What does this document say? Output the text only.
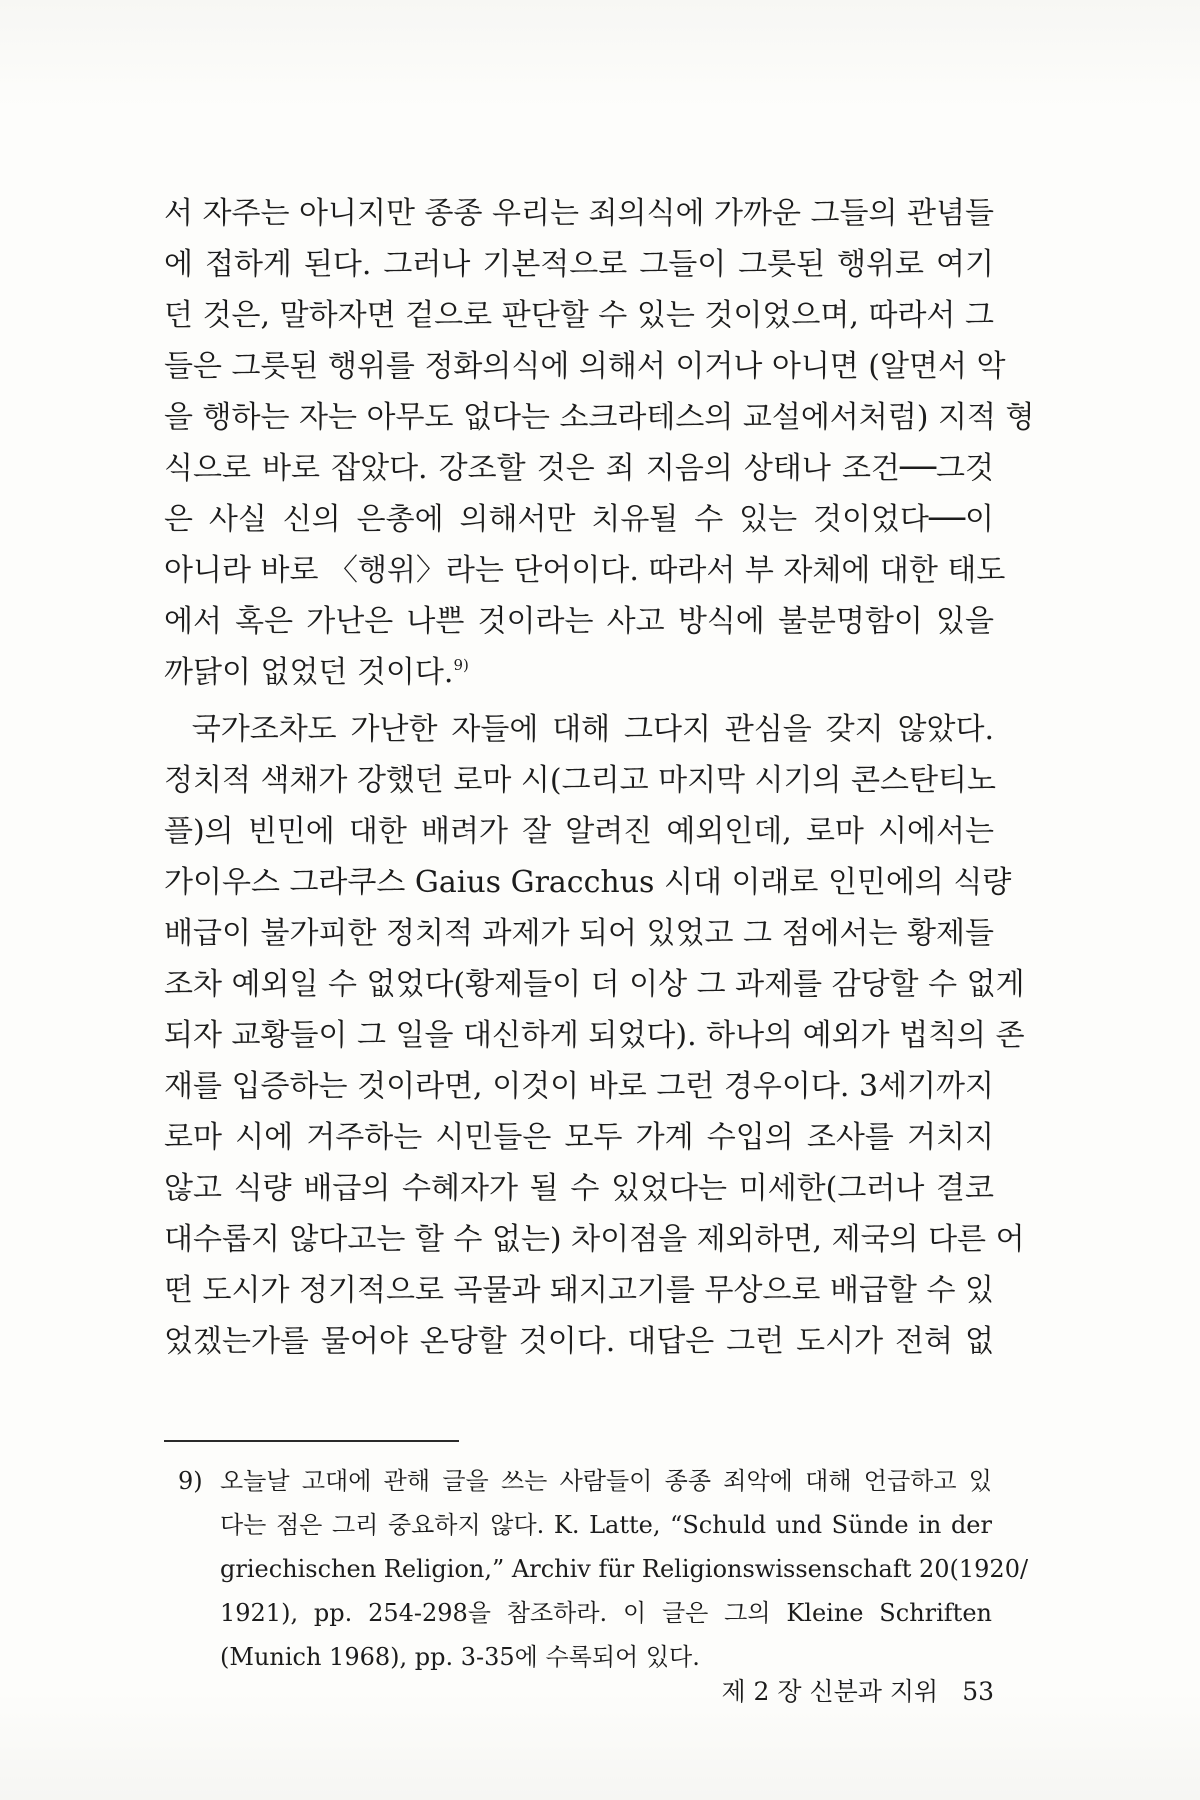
서 자주는 아니지만 종종 우리는 죄의식에 가까운 그들의 관념들
에 접하게 된다. 그러나 기본적으로 그들이 그릇된 행위로 여기
던 것은, 말하자면 겉으로 판단할 수 있는 것이었으며, 따라서 그
들은 그릇된 행위를 정화의식에 의해서 이거나 아니면 (알면서 악
을 행하는 자는 아무도 없다는 소크라테스의 교설에서처럼) 지적 형
식으로 바로 잡았다. 강조할 것은 죄 지음의 상태나 조건──그것
은 사실 신의 은총에 의해서만 치유될 수 있는 것이었다──이
아니라 바로 〈행위〉라는 단어이다. 따라서 부 자체에 대한 태도
에서 혹은 가난은 나쁜 것이라는 사고 방식에 불분명함이 있을
까닭이 없었던 것이다.$^{9)}$
국가조차도 가난한 자들에 대해 그다지 관심을 갖지 않았다.
정치적 색채가 강했던 로마 시(그리고 마지막 시기의 콘스탄티노
플)의 빈민에 대한 배려가 잘 알려진 예외인데, 로마 시에서는
가이우스 그라쿠스 Gaius Gracchus 시대 이래로 인민에의 식량
배급이 불가피한 정치적 과제가 되어 있었고 그 점에서는 황제들
조차 예외일 수 없었다(황제들이 더 이상 그 과제를 감당할 수 없게
되자 교황들이 그 일을 대신하게 되었다). 하나의 예외가 법칙의 존
재를 입증하는 것이라면, 이것이 바로 그런 경우이다. 3세기까지
로마 시에 거주하는 시민들은 모두 가계 수입의 조사를 거치지
않고 식량 배급의 수혜자가 될 수 있었다는 미세한(그러나 결코
대수롭지 않다고는 할 수 없는) 차이점을 제외하면, 제국의 다른 어
떤 도시가 정기적으로 곡물과 돼지고기를 무상으로 배급할 수 있
었겠는가를 물어야 온당할 것이다. 대답은 그런 도시가 전혀 없
9) 오늘날 고대에 관해 글을 쓰는 사람들이 종종 죄악에 대해 언급하고 있
다는 점은 그리 중요하지 않다. K. Latte, “Schuld und Sünde in der
griechischen Religion,” Archiv für Religionswissenschaft 20(1920/
1921), pp. 254-298을 참조하라. 이 글은 그의 Kleine Schriften
(Munich 1968), pp. 3-35에 수록되어 있다.
제 2 장 신분과 지위 53
